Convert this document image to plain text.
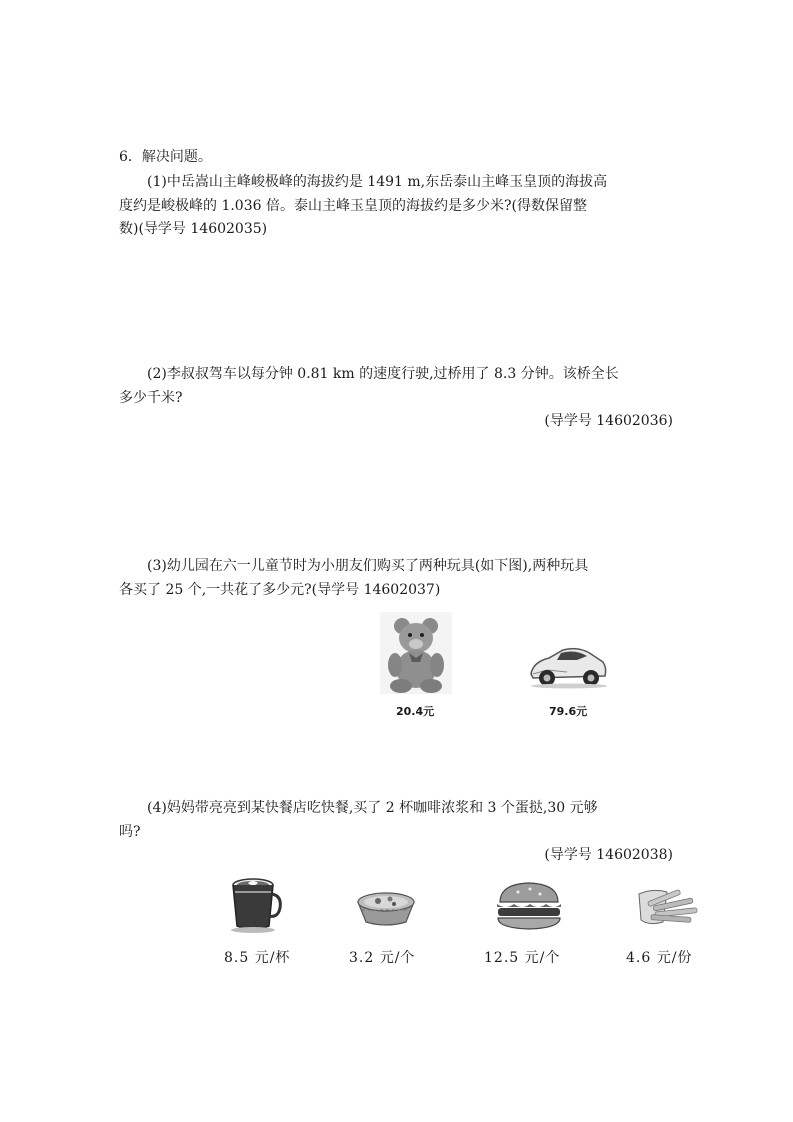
6．解决问题。
(1)中岳嵩山主峰峻极峰的海拔约是 1491 m,东岳泰山主峰玉皇顶的海拔高
度约是峻极峰的 1.036 倍。泰山主峰玉皇顶的海拔约是多少米?(得数保留整
数)(导学号 14602035)
(2)李叔叔驾车以每分钟 0.81 km 的速度行驶,过桥用了 8.3 分钟。该桥全长
多少千米?
(导学号 14602036)
(3)幼儿园在六一儿童节时为小朋友们购买了两种玩具(如下图),两种玩具
各买了 25 个,一共花了多少元?(导学号 14602037)
20.4元	79.6元
(4)妈妈带亮亮到某快餐店吃快餐,买了 2 杯咖啡浓浆和 3 个蛋挞,30 元够
吗?
(导学号 14602038)
8.5 元/杯	3.2 元/个	12.5 元/个	4.6 元/份
